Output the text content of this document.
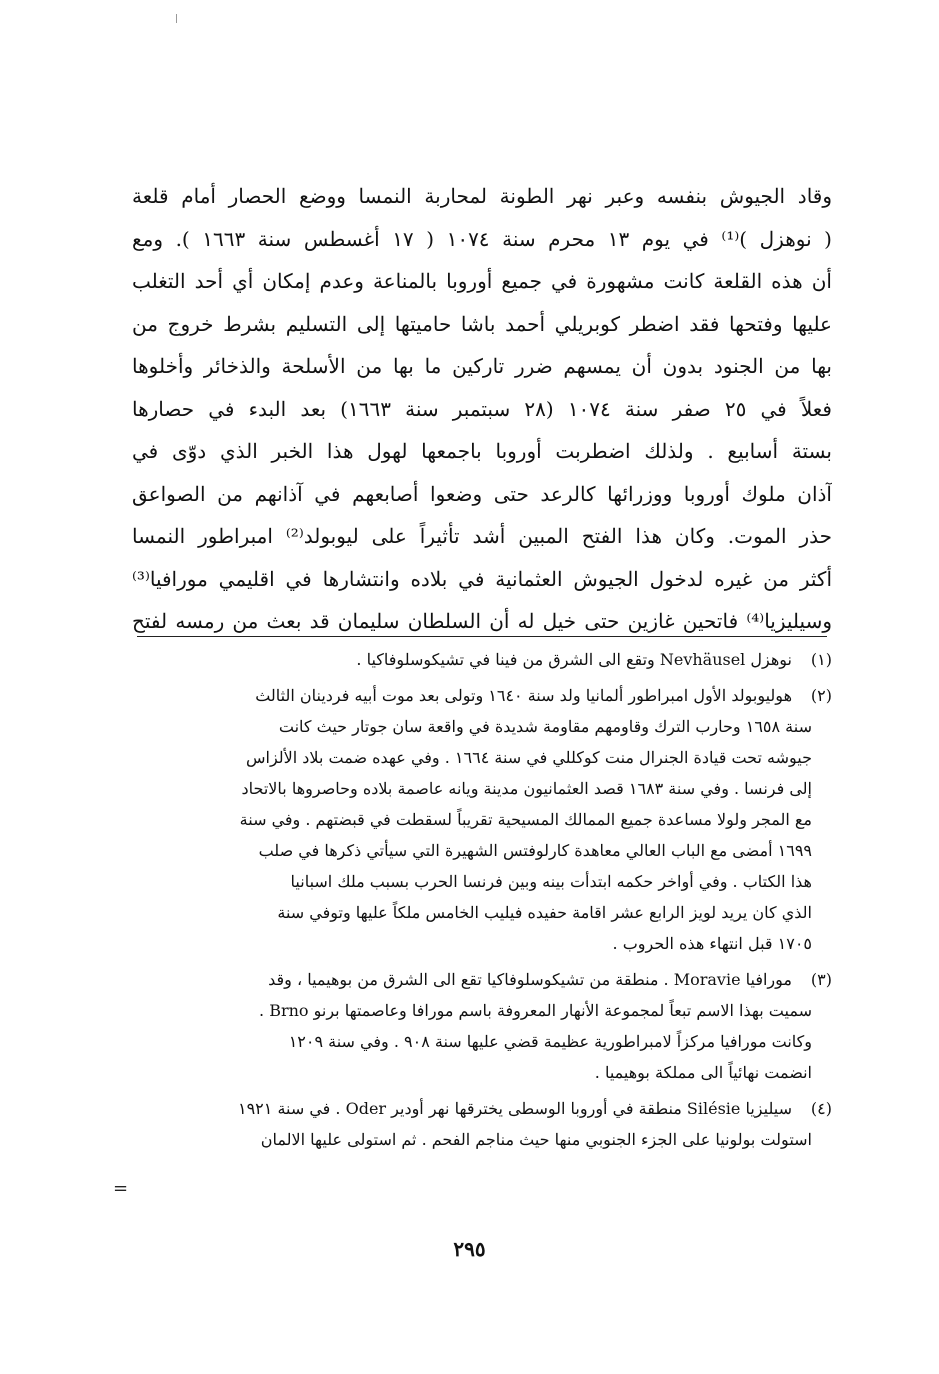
وقاد الجيوش بنفسه وعبر نهر الطونة لمحاربة النمسا ووضع الحصار أمام قلعة
( نوهزل )⁽¹⁾ في يوم ١٣ محرم سنة ١٠٧٤ ( ١٧ أغسطس سنة ١٦٦٣ ). ومع
أن هذه القلعة كانت مشهورة في جميع أوروبا بالمناعة وعدم إمكان أي أحد التغلب
عليها وفتحها فقد اضطر كوبريلي أحمد باشا حاميتها إلى التسليم بشرط خروج من
بها من الجنود بدون أن يمسهم ضرر تاركين ما بها من الأسلحة والذخائر وأخلوها
فعلاً في ٢٥ صفر سنة ١٠٧٤ (٢٨ سبتمبر سنة ١٦٦٣) بعد البدء في حصارها
بستة أسابيع . ولذلك اضطربت أوروبا باجمعها لهول هذا الخبر الذي دوّى في
آذان ملوك أوروبا ووزرائها كالرعد حتى وضعوا أصابعهم في آذانهم من الصواعق
حذر الموت. وكان هذا الفتح المبين أشد تأثيراً على ليوبولد⁽²⁾ امبراطور النمسا
أكثر من غيره لدخول الجيوش العثمانية في بلاده وانتشارها في اقليمي مورافيا⁽³⁾
وسيليزيا⁽⁴⁾ فاتحين غازين حتى خيل له أن السلطان سليمان قد بعث من رمسه لفتح
(١)
نوهزل Nevhäusel وتقع الى الشرق من فينا في تشيكوسلوفاكيا .
(٢)
هوليوبولد الأول امبراطور ألمانيا ولد سنة ١٦٤٠ وتولى بعد موت أبيه فردينان الثالث
سنة ١٦٥٨ وحارب الترك وقاومهم مقاومة شديدة في واقعة سان جوتار حيث كانت
جيوشه تحت قيادة الجنرال منت كوكللي في سنة ١٦٦٤ . وفي عهده ضمت بلاد الألزاس
إلى فرنسا . وفي سنة ١٦٨٣ قصد العثمانيون مدينة ويانه عاصمة بلاده وحاصروها بالاتحاد
مع المجر ولولا مساعدة جميع الممالك المسيحية تقريباً لسقطت في قبضتهم . وفي سنة
١٦٩٩ أمضى مع الباب العالي معاهدة كارلوفتس الشهيرة التي سيأتي ذكرها في صلب
هذا الكتاب . وفي أواخر حكمه ابتدأت بينه وبين فرنسا الحرب بسبب ملك اسبانيا
الذي كان يريد لويز الرابع عشر اقامة حفيده فيليب الخامس ملكاً عليها وتوفي سنة
١٧٠٥ قبل انتهاء هذه الحروب .
(٣)
مورافيا Moravie . منطقة من تشيكوسلوفاكيا تقع الى الشرق من بوهيميا ، وقد
سميت بهذا الاسم تبعاً لمجموعة الأنهار المعروفة باسم مورافا وعاصمتها برنو Brno .
وكانت مورافيا مركزاً لامبراطورية عظيمة قضي عليها سنة ٩٠٨ . وفي سنة ١٢٠٩
انضمت نهائياً الى مملكة بوهيميا .
(٤)
سيليزيا Silésie منطقة في أوروبا الوسطى يخترقها نهر أودير Oder . في سنة ١٩٢١
استولت بولونيا على الجزء الجنوبي منها حيث مناجم الفحم . ثم استولى عليها الالمان
=
٢٩٥
